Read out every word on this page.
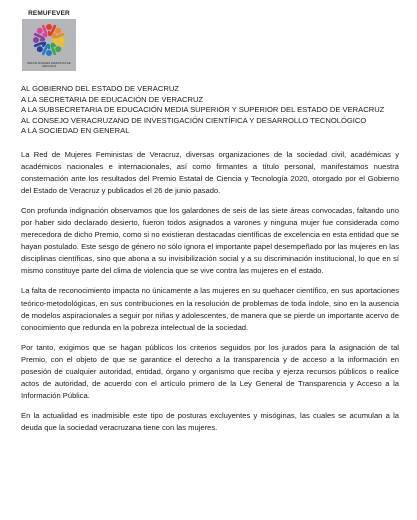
REMUFEVER
RED DE MUJERES FEMINISTAS DE VERACRUZ
AL GOBIERNO DEL ESTADO DE VERACRUZ
A LA SECRETARIA DE EDUCACIÓN DE VERACRUZ
A LA SUBSECRETARIA DE EDUCACIÓN MEDIA SUPERIOR Y SUPERIOR DEL ESTADO DE VERACRUZ
AL CONSEJO VERACRUZANO DE INVESTIGACIÓN CIENTÍFICA Y DESARROLLO TECNOLÓGICO
A LA SOCIEDAD EN GENERAL

La Red de Mujeres Feministas de Veracruz, diversas organizaciones de la sociedad civil, académicas y académicos nacionales e internacionales, así como firmantes a título personal, manifestamos nuestra consternación ante los resultados del Premio Estatal de Ciencia y Tecnología 2020, otorgado por el Gobierno del Estado de Veracruz y publicados el 26 de junio pasado.

Con profunda indignación observamos que los galardones de seis de las siete áreas convocadas, faltando uno por haber sido declarado desierto, fueron todos asignados a varones y ninguna mujer fue considerada como merecedora de dicho Premio, como si no existieran destacadas científicas de excelencia en esta entidad que se hayan postulado. Este sesgo de género no sólo ignora el importante papel desempeñado por las mujeres en las disciplinas científicas, sino que abona a su invisibilización social y a su discriminación institucional, lo que en sí mismo constituye parte del clima de violencia que se vive contra las mujeres en el estado.

La falta de reconocimiento impacta no únicamente a las mujeres en su quehacer científico, en sus aportaciones teórico-metodológicas, en sus contribuciones en la resolución de problemas de toda índole, sino en la ausencia de modelos aspiracionales a seguir por niñas y adolescentes, de manera que se pierde un importante acervo de conocimiento que redunda en la pobreza intelectual de la sociedad.

Por tanto, exigimos que se hagan públicos los criterios seguidos por los jurados para la asignación de tal Premio, con el objeto de que se garantice el derecho a la transparencia y de acceso a la información en posesión de cualquier autoridad, entidad, órgano y organismo que reciba y ejerza recursos públicos o realice actos de autoridad, de acuerdo con el artículo primero de la Ley General de Transparencia y Acceso a la Información Pública.

En la actualidad es inadmisible este tipo de posturas excluyentes y misóginas, las cuales se acumulan a la deuda que la sociedad veracruzana tiene con las mujeres.
